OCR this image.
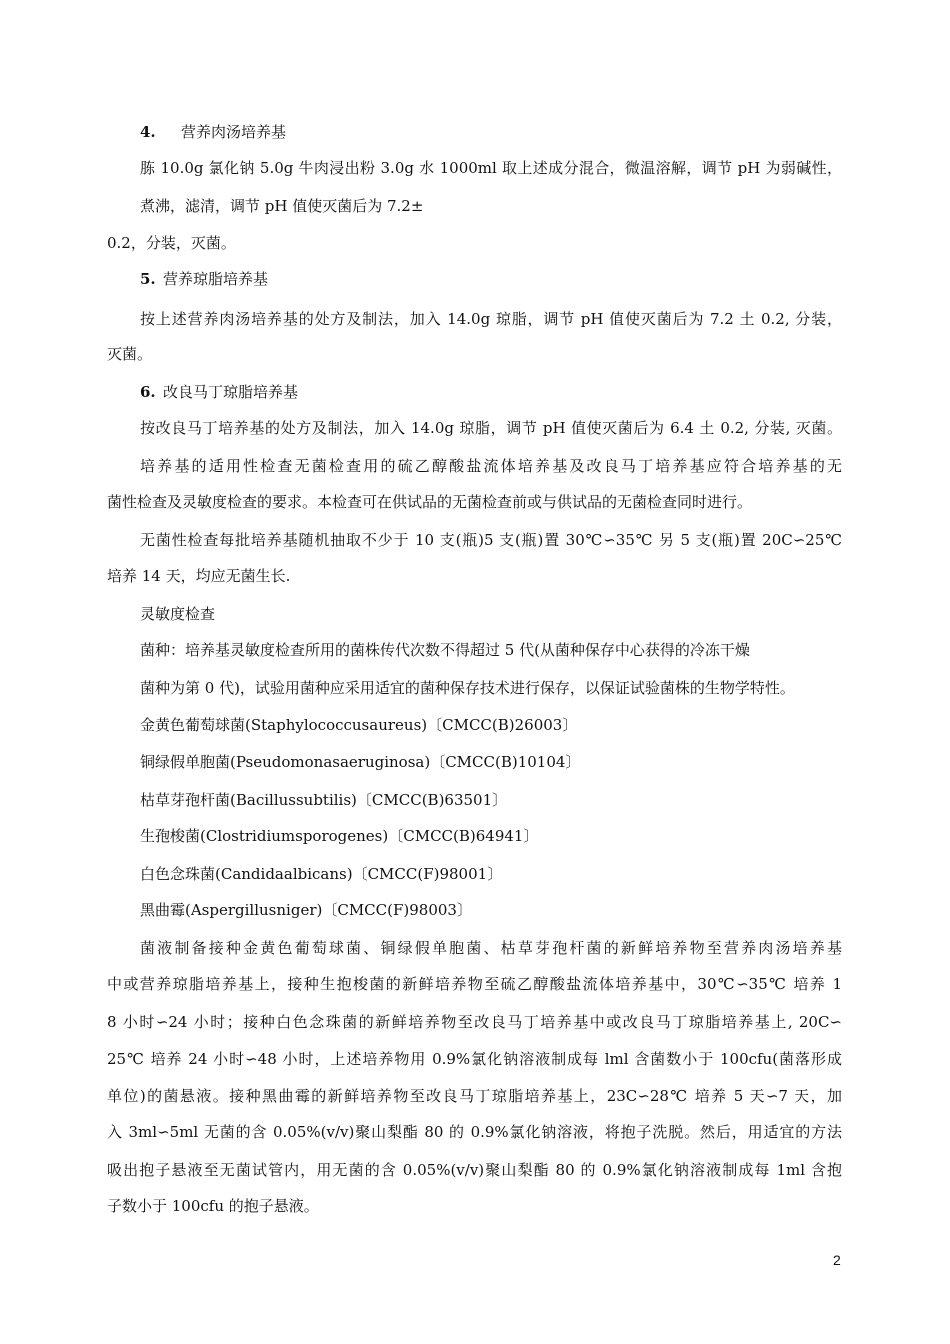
4. 营养肉汤培养基
胨 10.0g 氯化钠 5.0g 牛肉浸出粉 3.0g 水 1000ml 取上述成分混合，微温溶解，调节 pH 为弱碱性，
煮沸，滤清，调节 pH 值使灭菌后为 7.2±
0.2，分装，灭菌。
5. 营养琼脂培养基
按上述营养肉汤培养基的处方及制法，加入 14.0g 琼脂，调节 pH 值使灭菌后为 7.2 土 0.2, 分装，
灭菌。
6. 改良马丁琼脂培养基
按改良马丁培养基的处方及制法，加入 14.0g 琼脂，调节 pH 值使灭菌后为 6.4 土 0.2, 分装, 灭菌。
培养基的适用性检查无菌检查用的硫乙醇酸盐流体培养基及改良马丁培养基应符合培养基的无
菌性检查及灵敏度检查的要求。本检查可在供试品的无菌检查前或与供试品的无菌检查同时进行。
无菌性检查每批培养基随机抽取不少于 10 支(瓶)5 支(瓶)置 30℃∽35℃ 另 5 支(瓶)置 20C∽25℃
培养 14 天，均应无菌生长.
灵敏度检查
菌种：培养基灵敏度检查所用的菌株传代次数不得超过 5 代(从菌种保存中心获得的冷冻干燥
菌种为第 0 代)，试验用菌种应采用适宜的菌种保存技术进行保存，以保证试验菌株的生物学特性。
金黄色葡萄球菌(Staphylococcusaureus)〔CMCC(B)26003〕
铜绿假单胞菌(Pseudomonasaeruginosa)〔CMCC(B)10104〕
枯草芽孢杆菌(Bacillussubtilis)〔CMCC(B)63501〕
生孢梭菌(Clostridiumsporogenes)〔CMCC(B)64941〕
白色念珠菌(Candidaalbicans)〔CMCC(F)98001〕
黑曲霉(Aspergillusniger)〔CMCC(F)98003〕
菌液制备接种金黄色葡萄球菌、铜绿假单胞菌、枯草芽孢杆菌的新鲜培养物至营养肉汤培养基
中或营养琼脂培养基上，接种生抱梭菌的新鲜培养物至硫乙醇酸盐流体培养基中，30℃∽35℃ 培养 1
8 小时∽24 小时；接种白色念珠菌的新鲜培养物至改良马丁培养基中或改良马丁琼脂培养基上, 20C∽
25℃ 培养 24 小时∽48 小时，上述培养物用 0.9%氯化钠溶液制成每 lml 含菌数小于 100cfu(菌落形成
单位)的菌悬液。接种黑曲霉的新鲜培养物至改良马丁琼脂培养基上，23C∽28℃ 培养 5 天∽7 天，加
入 3ml∽5ml 无菌的含 0.05%(v/v)聚山梨酯 80 的 0.9%氯化钠溶液，将抱子洗脱。然后，用适宜的方法
吸出抱子悬液至无菌试管内，用无菌的含 0.05%(v/v)聚山梨酯 80 的 0.9%氯化钠溶液制成每 1ml 含抱
子数小于 100cfu 的抱子悬液。
2
